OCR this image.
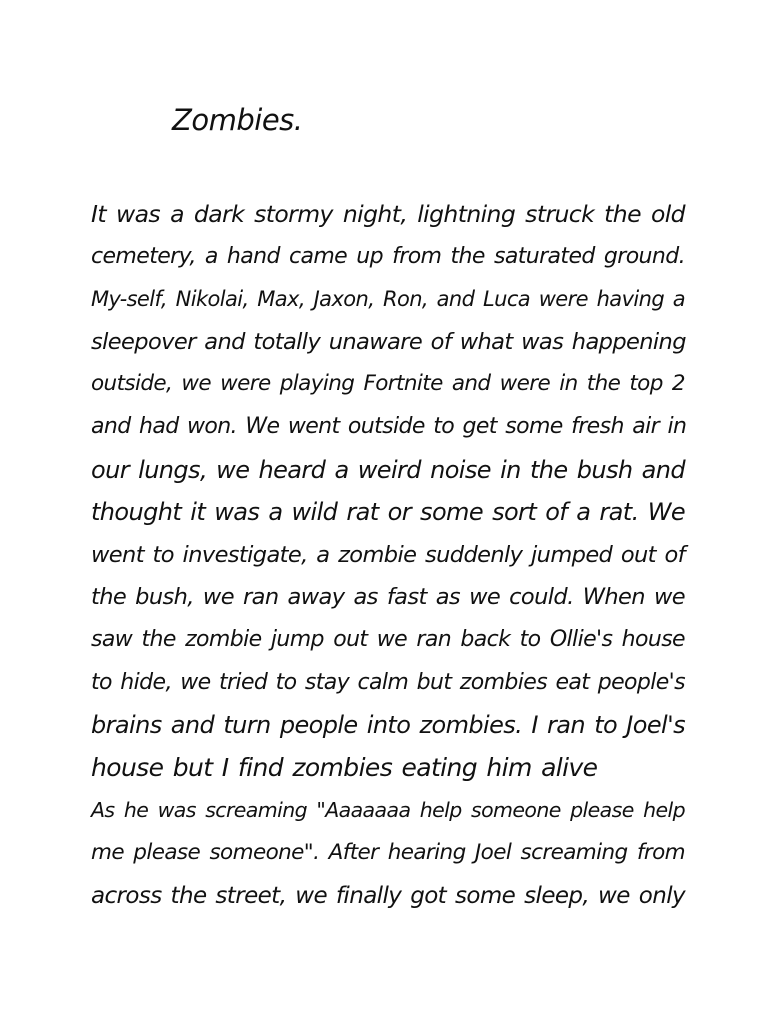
Zombies.
It was a dark stormy night, lightning struck the old
cemetery, a hand came up from the saturated ground.
My-self, Nikolai, Max, Jaxon, Ron, and Luca were having a
sleepover and totally unaware of what was happening
outside, we were playing Fortnite and were in the top 2
and had won. We went outside to get some fresh air in
our lungs, we heard a weird noise in the bush and
thought it was a wild rat or some sort of a rat. We
went to investigate, a zombie suddenly jumped out of
the bush, we ran away as fast as we could. When we
saw the zombie jump out we ran back to Ollie's house
to hide, we tried to stay calm but zombies eat people's
brains and turn people into zombies. I ran to Joel's
house but I find zombies eating him alive
As he was screaming "Aaaaaaa help someone please help
me please someone". After hearing Joel screaming from
across the street, we finally got some sleep, we only
